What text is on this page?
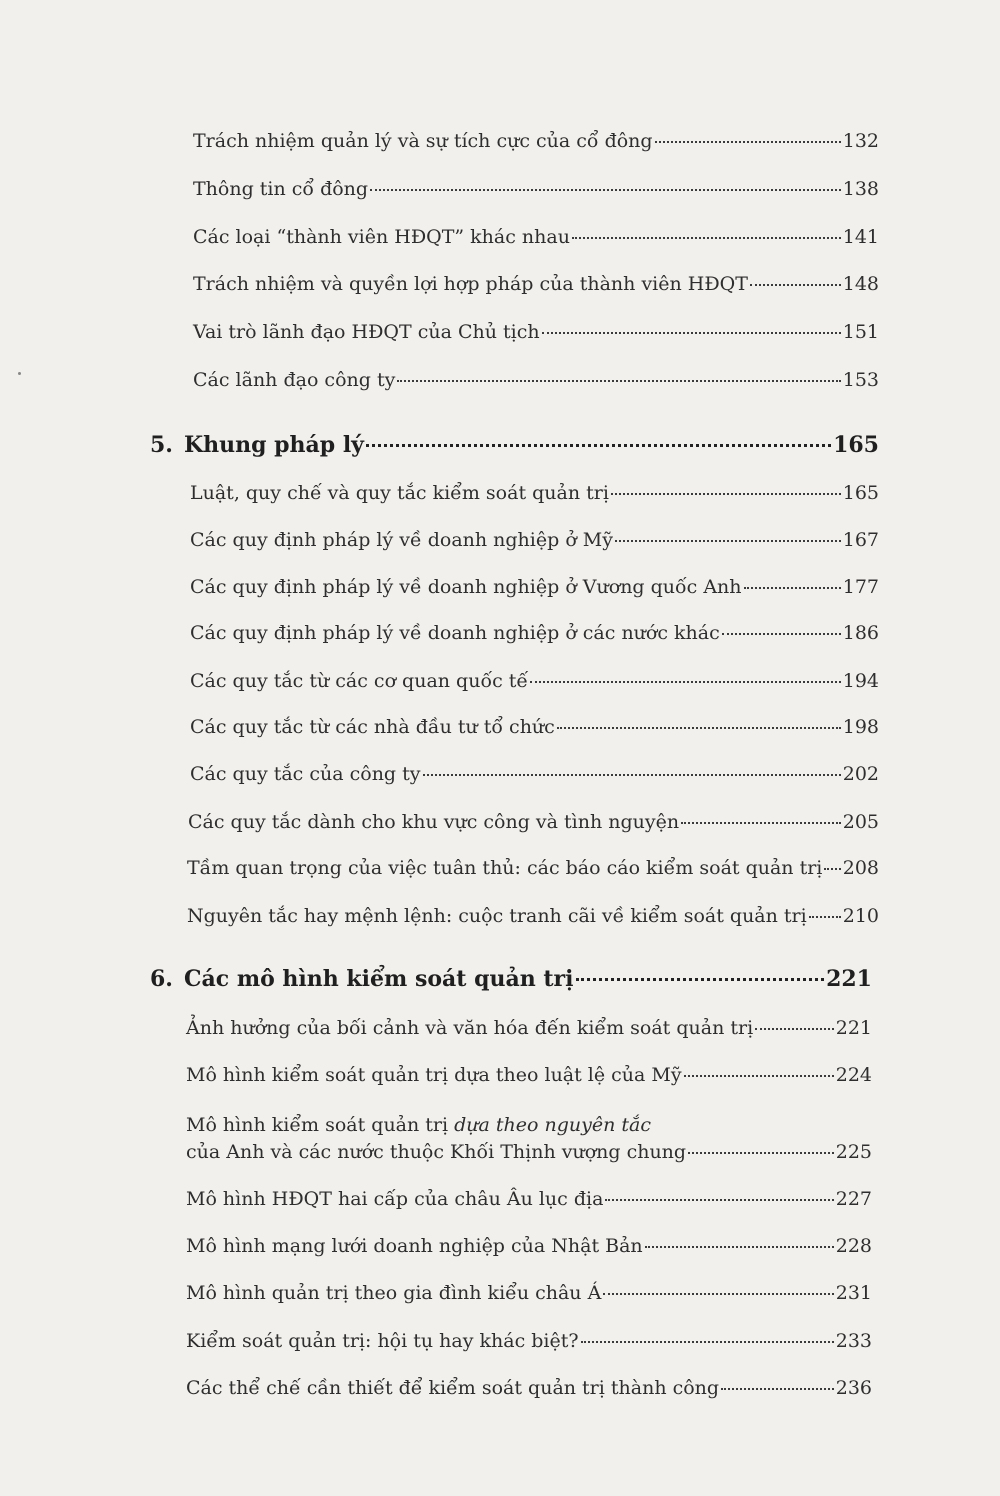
Trách nhiệm quản lý và sự tích cực của cổ đông	132
Thông tin cổ đông	138
Các loại “thành viên HĐQT” khác nhau	141
Trách nhiệm và quyền lợi hợp pháp của thành viên HĐQT	148
Vai trò lãnh đạo HĐQT của Chủ tịch	151
Các lãnh đạo công ty	153
5. Khung pháp lý	165
Luật, quy chế và quy tắc kiểm soát quản trị	165
Các quy định pháp lý về doanh nghiệp ở Mỹ	167
Các quy định pháp lý về doanh nghiệp ở Vương quốc Anh	177
Các quy định pháp lý về doanh nghiệp ở các nước khác	186
Các quy tắc từ các cơ quan quốc tế	194
Các quy tắc từ các nhà đầu tư tổ chức	198
Các quy tắc của công ty	202
Các quy tắc dành cho khu vực công và tình nguyện	205
Tầm quan trọng của việc tuân thủ: các báo cáo kiểm soát quản trị 208
Nguyên tắc hay mệnh lệnh: cuộc tranh cãi về kiểm soát quản trị 210
6. Các mô hình kiểm soát quản trị	221
Ảnh hưởng của bối cảnh và văn hóa đến kiểm soát quản trị	221
Mô hình kiểm soát quản trị dựa theo luật lệ của Mỹ	224
Mô hình kiểm soát quản trị dựa theo nguyên tắc
của Anh và các nước thuộc Khối Thịnh vượng chung	225
Mô hình HĐQT hai cấp của châu Âu lục địa	227
Mô hình mạng lưới doanh nghiệp của Nhật Bản	228
Mô hình quản trị theo gia đình kiểu châu Á	231
Kiểm soát quản trị: hội tụ hay khác biệt?	233
Các thể chế cần thiết để kiểm soát quản trị thành công	236
